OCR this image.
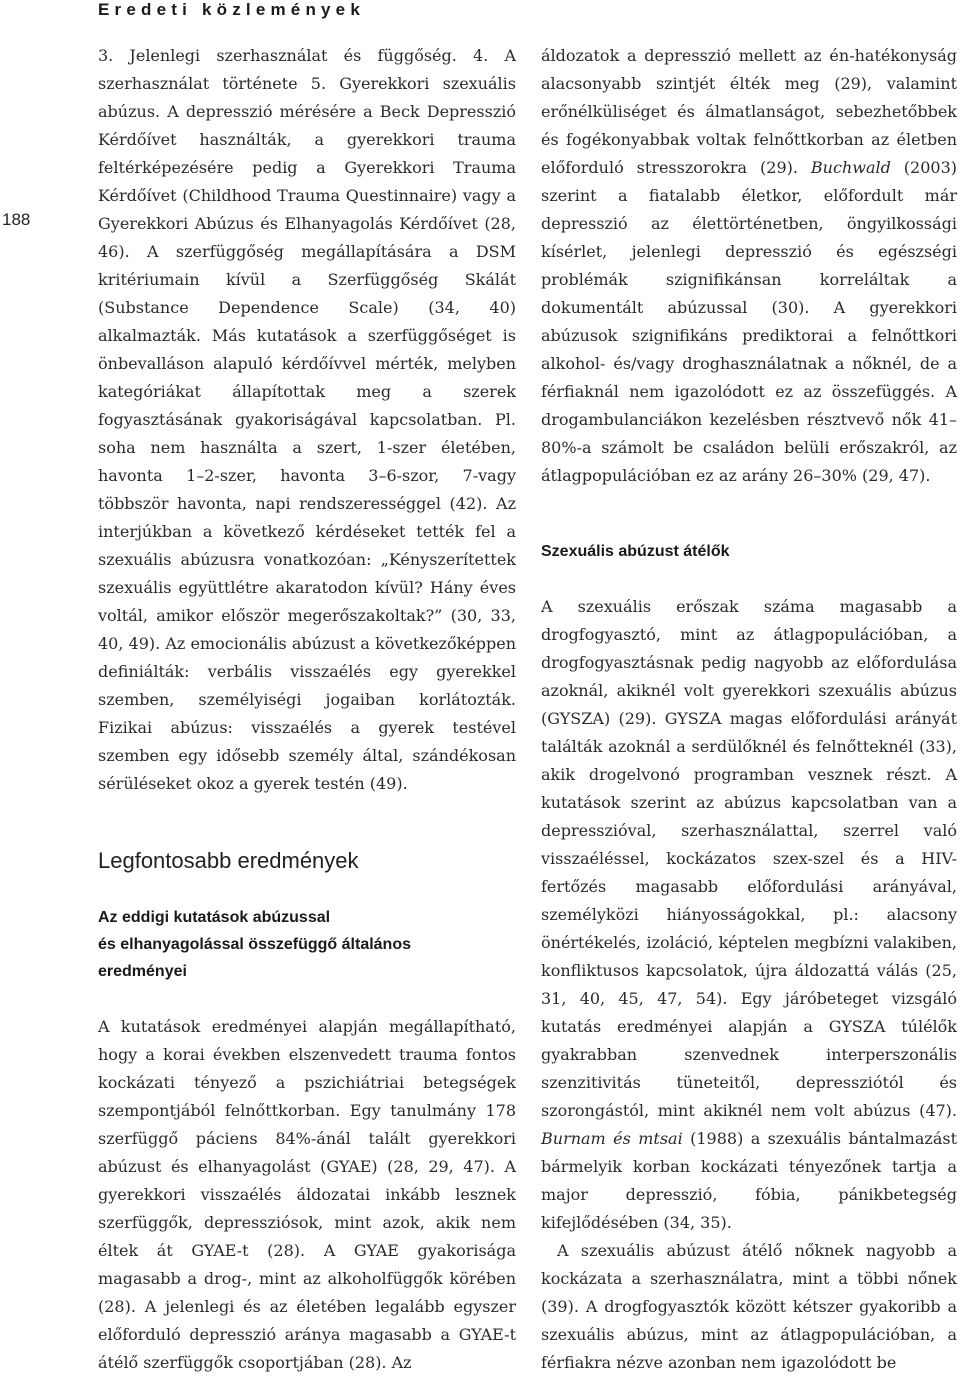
Eredeti közlemények
188

3. Jelenlegi szerhasználat és függőség. 4. A szerhasználat története 5. Gyerekkori szexuális abúzus. A depresszió mérésére a Beck Depresszió Kérdőívet használták, a gyerekkori trauma feltérképezésére pedig a Gyerekkori Trauma Kérdőívet (Childhood Trauma Questinnaire) vagy a Gyerekkori Abúzus és Elhanyagolás Kérdőívet (28, 46). A szerfüggőség megállapítására a DSM kritériumain kívül a Szerfüggőség Skálát (Substance Dependence Scale) (34, 40) alkalmazták. Más kutatások a szerfüggőséget is önbevalláson alapuló kérdőívvel mérték, melyben kategóriákat állapítottak meg a szerek fogyasztásának gyakoriságával kapcsolatban. Pl. soha nem használta a szert, 1-szer életében, havonta 1–2-szer, havonta 3–6-szor, 7-vagy többször havonta, napi rendszerességgel (42). Az interjúkban a következő kérdéseket tették fel a szexuális abúzusra vonatkozóan: „Kényszerítettek szexuális együttlétre akaratodon kívül? Hány éves voltál, amikor először megerőszakoltak?” (30, 33, 40, 49). Az emocionális abúzust a következőképpen definiálták: verbális visszaélés egy gyerekkel szemben, személyiségi jogaiban korlátozták. Fizikai abúzus: visszaélés a gyerek testével szemben egy idősebb személy által, szándékosan sérüléseket okoz a gyerek testén (49).

Legfontosabb eredmények
Az eddigi kutatások abúzussal
és elhanyagolással összefüggő általános
eredményei

A kutatások eredményei alapján megállapítható, hogy a korai években elszenvedett trauma fontos kockázati tényező a pszichiátriai betegségek szempontjából felnőttkorban. Egy tanulmány 178 szerfüggő páciens 84%-ánál talált gyerekkori abúzust és elhanyagolást (GYAE) (28, 29, 47). A gyerekkori visszaélés áldozatai inkább lesznek szerfüggők, depressziósok, mint azok, akik nem éltek át GYAE-t (28). A GYAE gyakorisága magasabb a drog-, mint az alkoholfüggők körében (28). A jelenlegi és az életében legalább egyszer előforduló depresszió aránya magasabb a GYAE-t átélő szerfüggők csoportjában (28). Az

áldozatok a depresszió mellett az én-hatékonyság alacsonyabb szintjét élték meg (29), valamint erőnélküliséget és álmatlanságot, sebezhetőbbek és fogékonyabbak voltak felnőttkorban az életben előforduló stresszorokra (29). Buchwald (2003) szerint a fiatalabb életkor, előfordult már depresszió az élettörténetben, öngyilkossági kísérlet, jelenlegi depresszió és egészségi problémák szignifikánsan korreláltak a dokumentált abúzussal (30). A gyerekkori abúzusok szignifikáns prediktorai a felnőttkori alkohol- és/vagy droghasználatnak a nőknél, de a férfiaknál nem igazolódott ez az összefüggés. A drogambulanciákon kezelésben résztvevő nők 41–80%-a számolt be családon belüli erőszakról, az átlagpopulációban ez az arány 26–30% (29, 47).

Szexuális abúzust átélők

A szexuális erőszak száma magasabb a drogfogyasztó, mint az átlagpopulációban, a drogfogyasztásnak pedig nagyobb az előfordulása azoknál, akiknél volt gyerekkori szexuális abúzus (GYSZA) (29). GYSZA magas előfordulási arányát találták azoknál a serdülőknél és felnőtteknél (33), akik drogelvonó programban vesznek részt. A kutatások szerint az abúzus kapcsolatban van a depresszióval, szerhasználattal, szerrel való visszaéléssel, kockázatos szex-szel és a HIV-fertőzés magasabb előfordulási arányával, személyközi hiányosságokkal, pl.: alacsony önértékelés, izoláció, képtelen megbízni valakiben, konfliktusos kapcsolatok, újra áldozattá válás (25, 31, 40, 45, 47, 54). Egy járóbeteget vizsgáló kutatás eredményei alapján a GYSZA túlélők gyakrabban szenvednek interperszonális szenzitivitás tüneteitől, depressziótól és szorongástól, mint akiknél nem volt abúzus (47). Burnam és mtsai (1988) a szexuális bántalmazást bármelyik korban kockázati tényezőnek tartja a major depresszió, fóbia, pánikbetegség kifejlődésében (34, 35).

A szexuális abúzust átélő nőknek nagyobb a kockázata a szerhasználatra, mint a többi nőnek (39). A drogfogyasztók között kétszer gyakoribb a szexuális abúzus, mint az átlagpopulációban, a férfiakra nézve azonban nem igazolódott be
